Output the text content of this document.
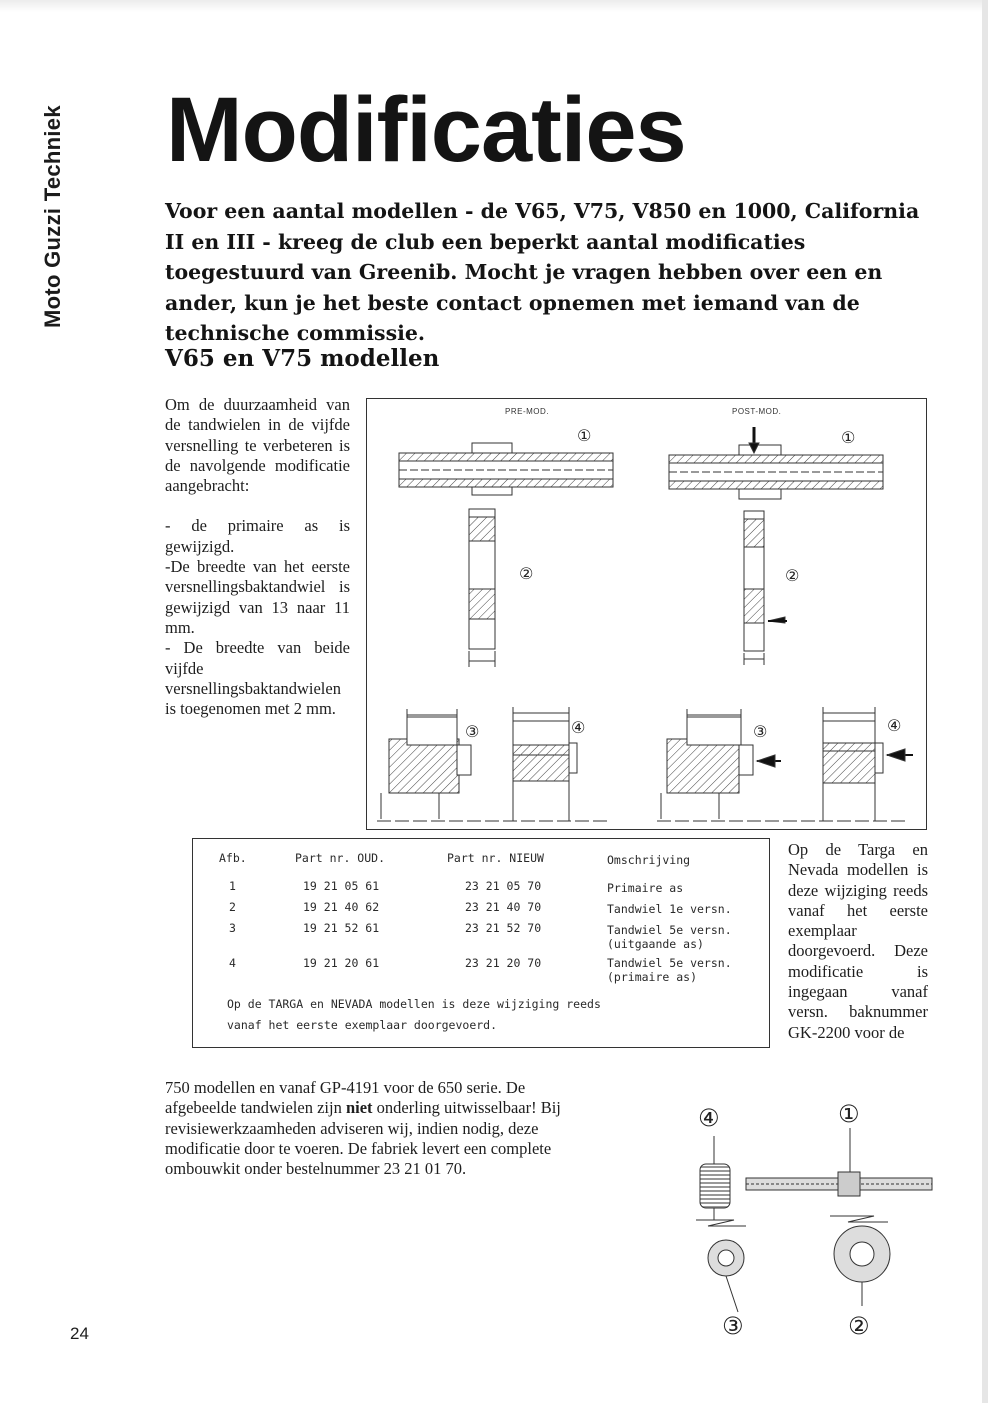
Moto Guzzi Techniek Modificaties

Voor een aantal modellen - de V65, V75, V850 en 1000, California II en III - kreeg de club een beperkt aantal modificaties toegestuurd van Greenib. Mocht je vragen hebben over een en ander, kun je het beste contact opnemen met iemand van de technische commissie.

V65 en V75 modellen

Om de duurzaamheid van de tandwielen in de vijfde versnelling te verbeteren is de navolgende modificatie aangebracht:

- de primaire as is gewijzigd.

-De breedte van het eerste versnellingsbaktandwiel is gewijzigd van 13 naar 11 mm.

- De breedte van beide vijfde versnellingsbaktandwielen is toegenomen met 2 mm.

PRE-MOD.	POST-MOD.
①	①
②	②
③	③
④	④
Afb.	Part nr. OUD.	Part nr. NIEUW	Omschrijving
1	19 21 05 61	23 21 05 70	Primaire as
2	19 21 40 62	23 21 40 70	Tandwiel 1e versn.
3	19 21 52 61	23 21 52 70	Tandwiel 5e versn.
(uitgaande as)
4	19 21 20 61	23 21 20 70	Tandwiel 5e versn.
(primaire as)
Op de TARGA en NEVADA modellen is deze wijziging reeds
vanaf het eerste exemplaar doorgevoerd.
Op de Targa en Nevada modellen is deze wijziging reeds vanaf het eerste exemplaar doorgevoerd. Deze modificatie is ingegaan vanaf versn. baknummer GK-2200 voor de

750 modellen en vanaf GP-4191 voor de 650 serie. De afgebeelde tandwielen zijn niet onderling uitwisselbaar! Bij revisiewerkzaamheden adviseren wij, indien nodig, deze modificatie door te voeren. De fabriek levert een complete ombouwkit onder bestelnummer 23 21 01 70.

④	①
③	②
24
